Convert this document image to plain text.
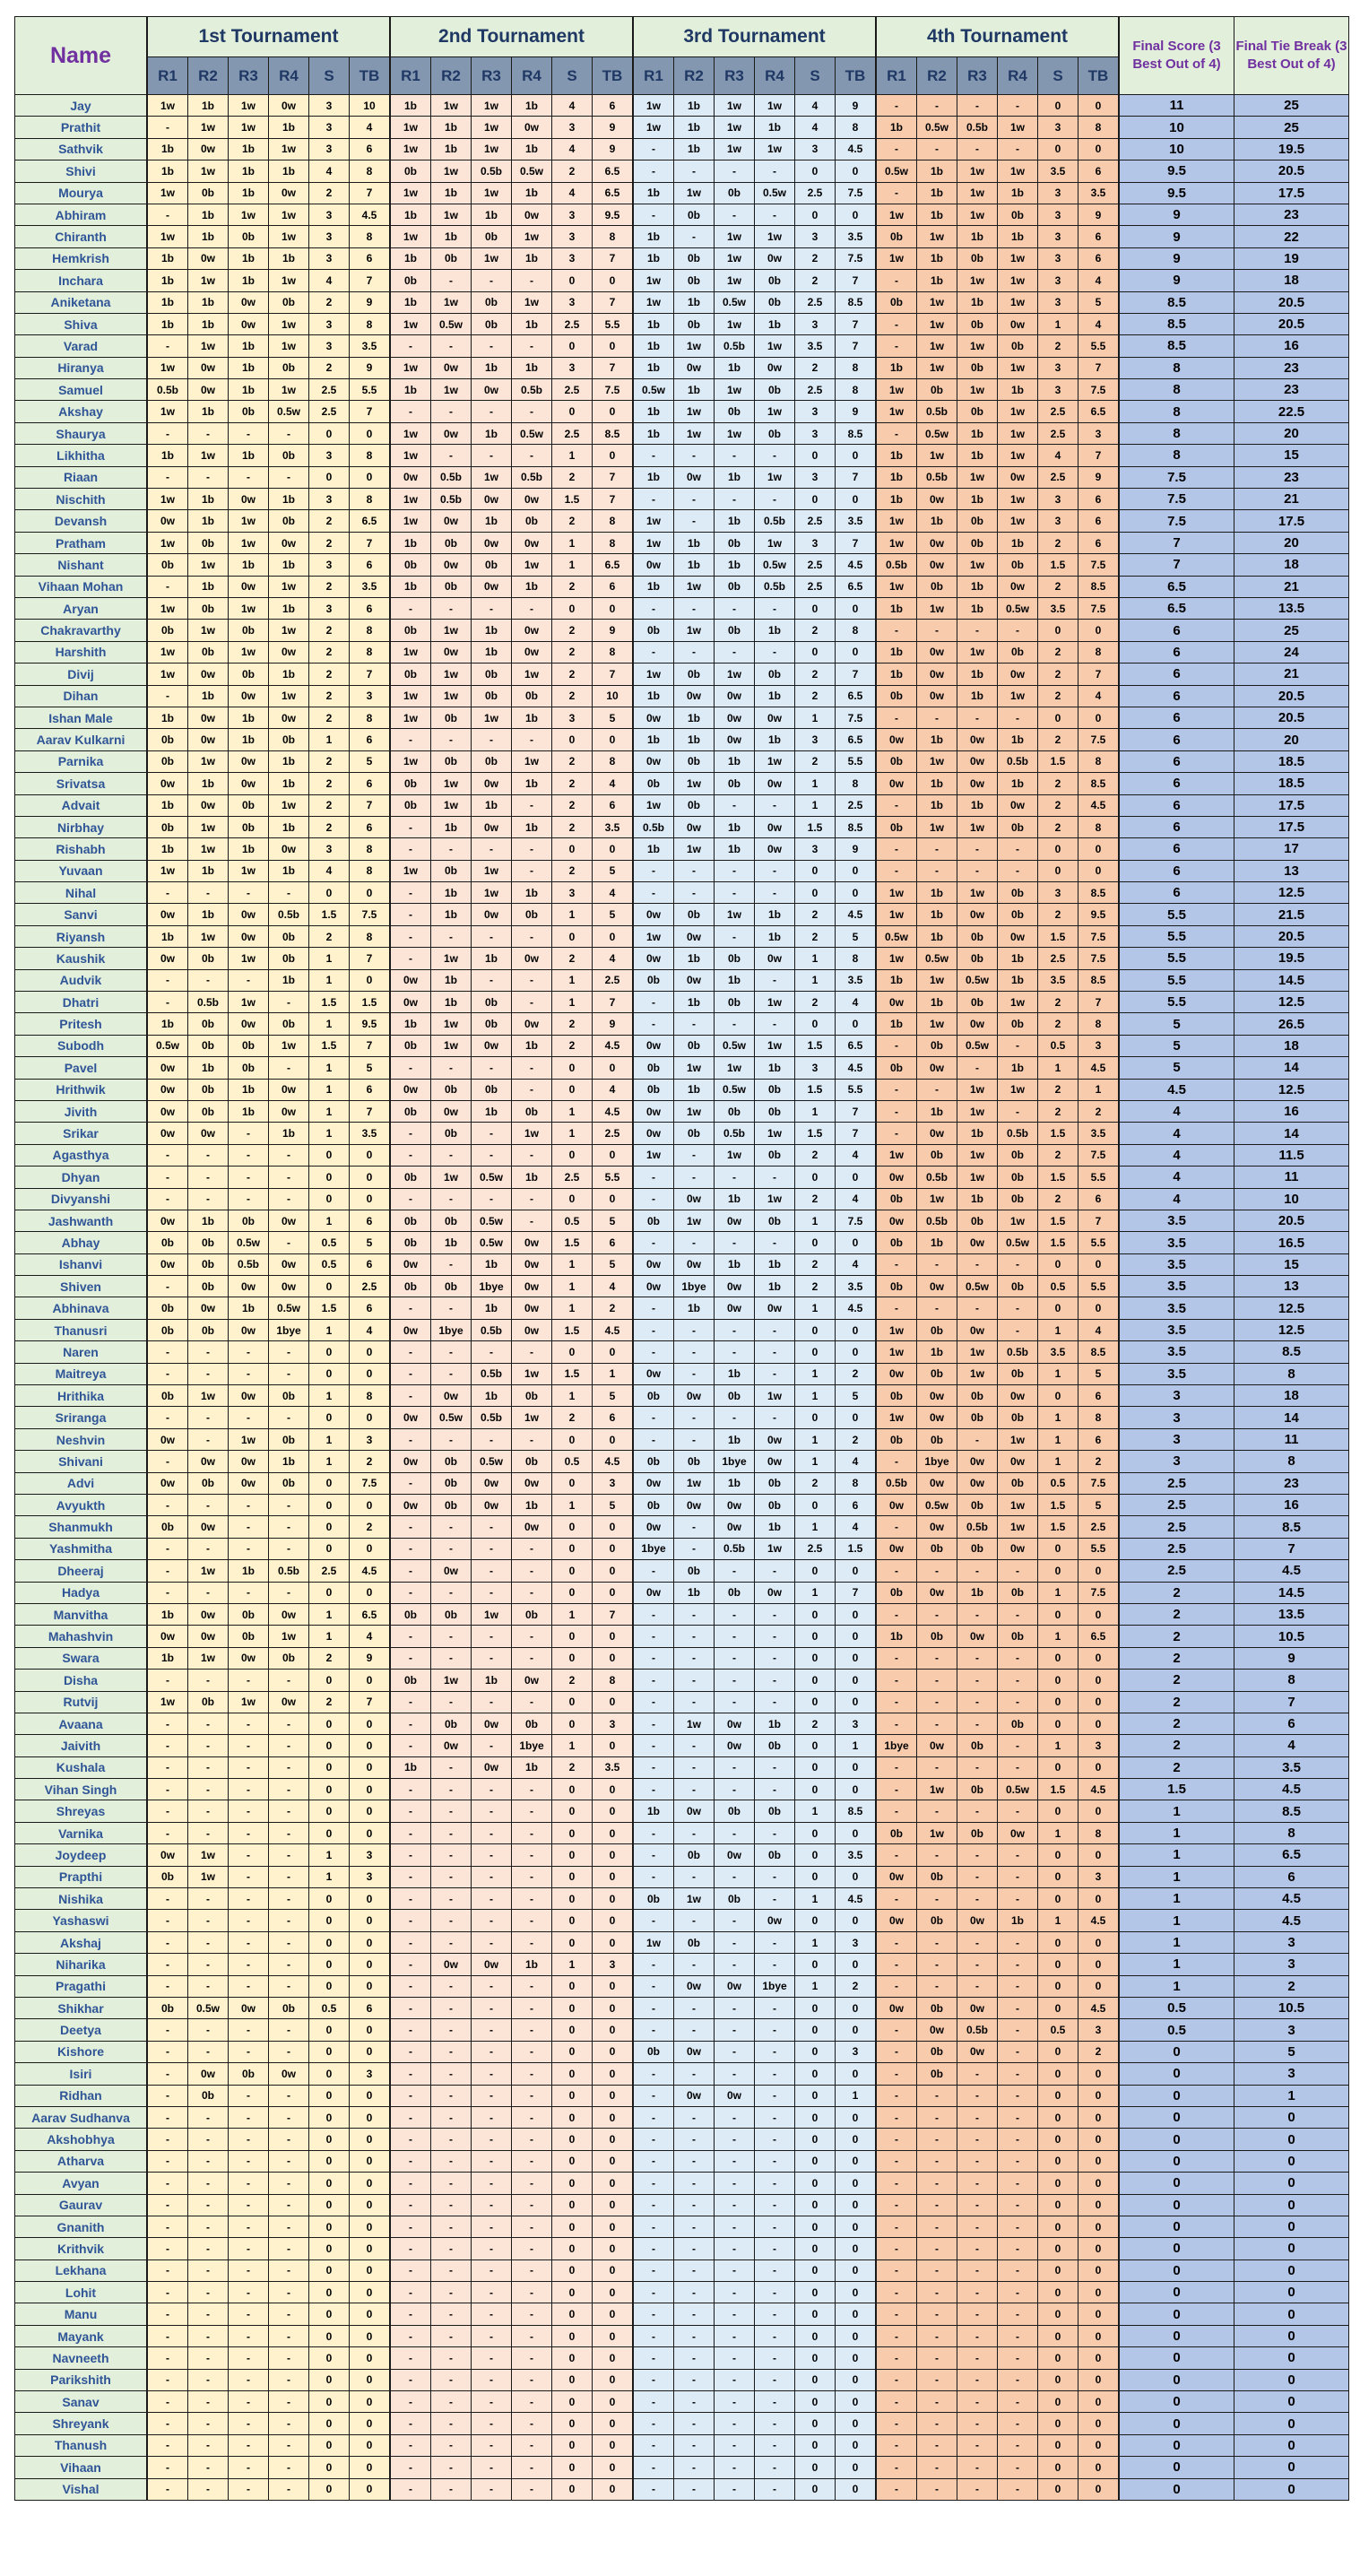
Name	1st Tournament						2nd Tournament						3rd Tournament						4th Tournament						Final Score (3 Best Out of 4)	Final Tie Break (3 Best Out of 4)
	R1	R2	R3	R4	S	TB	R1	R2	R3	R4	S	TB	R1	R2	R3	R4	S	TB	R1	R2	R3	R4	S	TB		
Jay	1w	1b	1w	0w	3	10	1b	1w	1w	1b	4	6	1w	1b	1w	1w	4	9	-	-	-	-	0	0	11	25
Prathit	-	1w	1w	1b	3	4	1w	1b	1w	0w	3	9	1w	1b	1w	1b	4	8	1b	0.5w	0.5b	1w	3	8	10	25
Sathvik	1b	0w	1b	1w	3	6	1w	1b	1w	1b	4	9	-	1b	1w	1w	3	4.5	-	-	-	-	0	0	10	19.5
Shivi	1b	1w	1b	1b	4	8	0b	1w	0.5b	0.5w	2	6.5	-	-	-	-	0	0	0.5w	1b	1w	1w	3.5	6	9.5	20.5
Mourya	1w	0b	1b	0w	2	7	1w	1b	1w	1b	4	6.5	1b	1w	0b	0.5w	2.5	7.5	-	1b	1w	1b	3	3.5	9.5	17.5
Abhiram	-	1b	1w	1w	3	4.5	1b	1w	1b	0w	3	9.5	-	0b	-	-	0	0	1w	1b	1w	0b	3	9	9	23
Chiranth	1w	1b	0b	1w	3	8	1w	1b	0b	1w	3	8	1b	-	1w	1w	3	3.5	0b	1w	1b	1b	3	6	9	22
Hemkrish	1b	0w	1b	1b	3	6	1b	0b	1w	1b	3	7	1b	0b	1w	0w	2	7.5	1w	1b	0b	1w	3	6	9	19
Inchara	1b	1w	1b	1w	4	7	0b	-	-	-	0	0	1w	0b	1w	0b	2	7	-	1b	1w	1w	3	4	9	18
Aniketana	1b	1b	0w	0b	2	9	1b	1w	0b	1w	3	7	1w	1b	0.5w	0b	2.5	8.5	0b	1w	1b	1w	3	5	8.5	20.5
Shiva	1b	1b	0w	1w	3	8	1w	0.5w	0b	1b	2.5	5.5	1b	0b	1w	1b	3	7	-	1w	0b	0w	1	4	8.5	20.5
Varad	-	1w	1b	1w	3	3.5	-	-	-	-	0	0	1b	1w	0.5b	1w	3.5	7	-	1w	1w	0b	2	5.5	8.5	16
Hiranya	1w	0w	1b	0b	2	9	1w	0w	1b	1b	3	7	1b	0w	1b	0w	2	8	1b	1w	0b	1w	3	7	8	23
Samuel	0.5b	0w	1b	1w	2.5	5.5	1b	1w	0w	0.5b	2.5	7.5	0.5w	1b	1w	0b	2.5	8	1w	0b	1w	1b	3	7.5	8	23
Akshay	1w	1b	0b	0.5w	2.5	7	-	-	-	-	0	0	1b	1w	0b	1w	3	9	1w	0.5b	0b	1w	2.5	6.5	8	22.5
Shaurya	-	-	-	-	0	0	1w	0w	1b	0.5w	2.5	8.5	1b	1w	1w	0b	3	8.5	-	0.5w	1b	1w	2.5	3	8	20
Likhitha	1b	1w	1b	0b	3	8	1w	-	-	-	1	0	-	-	-	-	0	0	1b	1w	1b	1w	4	7	8	15
Riaan	-	-	-	-	0	0	0w	0.5b	1w	0.5b	2	7	1b	0w	1b	1w	3	7	1b	0.5b	1w	0w	2.5	9	7.5	23
Nischith	1w	1b	0w	1b	3	8	1w	0.5b	0w	0w	1.5	7	-	-	-	-	0	0	1b	0w	1b	1w	3	6	7.5	21
Devansh	0w	1b	1w	0b	2	6.5	1w	0w	1b	0b	2	8	1w	-	1b	0.5b	2.5	3.5	1w	1b	0b	1w	3	6	7.5	17.5
Pratham	1w	0b	1w	0w	2	7	1b	0b	0w	0w	1	8	1w	1b	0b	1w	3	7	1w	0w	0b	1b	2	6	7	20
Nishant	0b	1w	1b	1b	3	6	0b	0w	0b	1w	1	6.5	0w	1b	1b	0.5w	2.5	4.5	0.5b	0w	1w	0b	1.5	7.5	7	18
Vihaan Mohan	-	1b	0w	1w	2	3.5	1b	0b	0w	1b	2	6	1b	1w	0b	0.5b	2.5	6.5	1w	0b	1b	0w	2	8.5	6.5	21
Aryan	1w	0b	1w	1b	3	6	-	-	-	-	0	0	-	-	-	-	0	0	1b	1w	1b	0.5w	3.5	7.5	6.5	13.5
Chakravarthy	0b	1w	0b	1w	2	8	0b	1w	1b	0w	2	9	0b	1w	0b	1b	2	8	-	-	-	-	0	0	6	25
Harshith	1w	0b	1w	0w	2	8	1w	0w	1b	0w	2	8	-	-	-	-	0	0	1b	0w	1w	0b	2	8	6	24
Divij	1w	0w	0b	1b	2	7	0b	1w	0b	1w	2	7	1w	0b	1w	0b	2	7	1b	0w	1b	0w	2	7	6	21
Dihan	-	1b	0w	1w	2	3	1w	1w	0b	0b	2	10	1b	0w	0w	1b	2	6.5	0b	0w	1b	1w	2	4	6	20.5
Ishan Male	1b	0w	1b	0w	2	8	1w	0b	1w	1b	3	5	0w	1b	0w	0w	1	7.5	-	-	-	-	0	0	6	20.5
Aarav Kulkarni	0b	0w	1b	0b	1	6	-	-	-	-	0	0	1b	1b	0w	1b	3	6.5	0w	1b	0w	1b	2	7.5	6	20
Parnika	0b	1w	0w	1b	2	5	1w	0b	0b	1w	2	8	0w	0b	1b	1w	2	5.5	0b	1w	0w	0.5b	1.5	8	6	18.5
Srivatsa	0w	1b	0w	1b	2	6	0b	1w	0w	1b	2	4	0b	1w	0b	0w	1	8	0w	1b	0w	1b	2	8.5	6	18.5
Advait	1b	0w	0b	1w	2	7	0b	1w	1b	-	2	6	1w	0b	-	-	1	2.5	-	1b	1b	0w	2	4.5	6	17.5
Nirbhay	0b	1w	0b	1b	2	6	-	1b	0w	1b	2	3.5	0.5b	0w	1b	0w	1.5	8.5	0b	1w	1w	0b	2	8	6	17.5
Rishabh	1b	1w	1b	0w	3	8	-	-	-	-	0	0	1b	1w	1b	0w	3	9	-	-	-	-	0	0	6	17
Yuvaan	1w	1b	1w	1b	4	8	1w	0b	1w	-	2	5	-	-	-	-	0	0	-	-	-	-	0	0	6	13
Nihal	-	-	-	-	0	0	-	1b	1w	1b	3	4	-	-	-	-	0	0	1w	1b	1w	0b	3	8.5	6	12.5
Sanvi	0w	1b	0w	0.5b	1.5	7.5	-	1b	0w	0b	1	5	0w	0b	1w	1b	2	4.5	1w	1b	0w	0b	2	9.5	5.5	21.5
Riyansh	1b	1w	0w	0b	2	8	-	-	-	-	0	0	1w	0w	-	1b	2	5	0.5w	1b	0b	0w	1.5	7.5	5.5	20.5
Kaushik	0w	0b	1w	0b	1	7	-	1w	1b	0w	2	4	0w	1b	0b	0w	1	8	1w	0.5w	0b	1b	2.5	7.5	5.5	19.5
Audvik	-	-	-	1b	1	0	0w	1b	-	-	1	2.5	0b	0w	1b	-	1	3.5	1b	1w	0.5w	1b	3.5	8.5	5.5	14.5
Dhatri	-	0.5b	1w	-	1.5	1.5	0w	1b	0b	-	1	7	-	1b	0b	1w	2	4	0w	1b	0b	1w	2	7	5.5	12.5
Pritesh	1b	0b	0w	0b	1	9.5	1b	1w	0b	0w	2	9	-	-	-	-	0	0	1b	1w	0w	0b	2	8	5	26.5
Subodh	0.5w	0b	0b	1w	1.5	7	0b	1w	0w	1b	2	4.5	0w	0b	0.5w	1w	1.5	6.5	-	0b	0.5w	-	0.5	3	5	18
Pavel	0w	1b	0b	-	1	5	-	-	-	-	0	0	0b	1w	1w	1b	3	4.5	0b	0w	-	1b	1	4.5	5	14
Hrithwik	0w	0b	1b	0w	1	6	0w	0b	0b	-	0	4	0b	1b	0.5w	0b	1.5	5.5	-	-	1w	1w	2	1	4.5	12.5
Jivith	0w	0b	1b	0w	1	7	0b	0w	1b	0b	1	4.5	0w	1w	0b	0b	1	7	-	1b	1w	-	2	2	4	16
Srikar	0w	0w	-	1b	1	3.5	-	0b	-	1w	1	2.5	0w	0b	0.5b	1w	1.5	7	-	0w	1b	0.5b	1.5	3.5	4	14
Agasthya	-	-	-	-	0	0	-	-	-	-	0	0	1w	-	1w	0b	2	4	1w	0b	1w	0b	2	7.5	4	11.5
Dhyan	-	-	-	-	0	0	0b	1w	0.5w	1b	2.5	5.5	-	-	-	-	0	0	0w	0.5b	1w	0b	1.5	5.5	4	11
Divyanshi	-	-	-	-	0	0	-	-	-	-	0	0	-	0w	1b	1w	2	4	0b	1w	1b	0b	2	6	4	10
Jashwanth	0w	1b	0b	0w	1	6	0b	0b	0.5w	-	0.5	5	0b	1w	0w	0b	1	7.5	0w	0.5b	0b	1w	1.5	7	3.5	20.5
Abhay	0b	0b	0.5w	-	0.5	5	0b	1b	0.5w	0w	1.5	6	-	-	-	-	0	0	0b	1b	0w	0.5w	1.5	5.5	3.5	16.5
Ishanvi	0w	0b	0.5b	0w	0.5	6	0w	-	1b	0w	1	5	0w	0w	1b	1b	2	4	-	-	-	-	0	0	3.5	15
Shiven	-	0b	0w	0w	0	2.5	0b	0b	1bye	0w	1	4	0w	1bye	0w	1b	2	3.5	0b	0w	0.5w	0b	0.5	5.5	3.5	13
Abhinava	0b	0w	1b	0.5w	1.5	6	-	-	1b	0w	1	2	-	1b	0w	0w	1	4.5	-	-	-	-	0	0	3.5	12.5
Thanusri	0b	0b	0w	1bye	1	4	0w	1bye	0.5b	0w	1.5	4.5	-	-	-	-	0	0	1w	0b	0w	-	1	4	3.5	12.5
Naren	-	-	-	-	0	0	-	-	-	-	0	0	-	-	-	-	0	0	1w	1b	1w	0.5b	3.5	8.5	3.5	8.5
Maitreya	-	-	-	-	0	0	-	-	0.5b	1w	1.5	1	0w	-	1b	-	1	2	0w	0b	1w	0b	1	5	3.5	8
Hrithika	0b	1w	0w	0b	1	8	-	0w	1b	0b	1	5	0b	0w	0b	1w	1	5	0b	0w	0b	0w	0	6	3	18
Sriranga	-	-	-	-	0	0	0w	0.5w	0.5b	1w	2	6	-	-	-	-	0	0	1w	0w	0b	0b	1	8	3	14
Neshvin	0w	-	1w	0b	1	3	-	-	-	-	0	0	-	-	1b	0w	1	2	0b	0b	-	1w	1	6	3	11
Shivani	-	0w	0w	1b	1	2	0w	0b	0.5w	0b	0.5	4.5	0b	0b	1bye	0w	1	4	-	1bye	0w	0w	1	2	3	8
Advi	0w	0b	0w	0b	0	7.5	-	0b	0w	0w	0	3	0w	1w	1b	0b	2	8	0.5b	0w	0w	0b	0.5	7.5	2.5	23
Avyukth	-	-	-	-	0	0	0w	0b	0w	1b	1	5	0b	0w	0w	0b	0	6	0w	0.5w	0b	1w	1.5	5	2.5	16
Shanmukh	0b	0w	-	-	0	2	-	-	-	0w	0	0	0w	-	0w	1b	1	4	-	0w	0.5b	1w	1.5	2.5	2.5	8.5
Yashmitha	-	-	-	-	0	0	-	-	-	-	0	0	1bye	-	0.5b	1w	2.5	1.5	0w	0b	0b	0w	0	5.5	2.5	7
Dheeraj	-	1w	1b	0.5b	2.5	4.5	-	0w	-	-	0	0	-	0b	-	-	0	0	-	-	-	-	0	0	2.5	4.5
Hadya	-	-	-	-	0	0	-	-	-	-	0	0	0w	1b	0b	0w	1	7	0b	0w	1b	0b	1	7.5	2	14.5
Manvitha	1b	0w	0b	0w	1	6.5	0b	0b	1w	0b	1	7	-	-	-	-	0	0	-	-	-	-	0	0	2	13.5
Mahashvin	0w	0w	0b	1w	1	4	-	-	-	-	0	0	-	-	-	-	0	0	1b	0b	0w	0b	1	6.5	2	10.5
Swara	1b	1w	0w	0b	2	9	-	-	-	-	0	0	-	-	-	-	0	0	-	-	-	-	0	0	2	9
Disha	-	-	-	-	0	0	0b	1w	1b	0w	2	8	-	-	-	-	0	0	-	-	-	-	0	0	2	8
Rutvij	1w	0b	1w	0w	2	7	-	-	-	-	0	0	-	-	-	-	0	0	-	-	-	-	0	0	2	7
Avaana	-	-	-	-	0	0	-	0b	0w	0b	0	3	-	1w	0w	1b	2	3	-	-	-	0b	0	0	2	6
Jaivith	-	-	-	-	0	0	-	0w	-	1bye	1	0	-	-	0w	0b	0	1	1bye	0w	0b	-	1	3	2	4
Kushala	-	-	-	-	0	0	1b	-	0w	1b	2	3.5	-	-	-	-	0	0	-	-	-	-	0	0	2	3.5
Vihan Singh	-	-	-	-	0	0	-	-	-	-	0	0	-	-	-	-	0	0	-	1w	0b	0.5w	1.5	4.5	1.5	4.5
Shreyas	-	-	-	-	0	0	-	-	-	-	0	0	1b	0w	0b	0b	1	8.5	-	-	-	-	0	0	1	8.5
Varnika	-	-	-	-	0	0	-	-	-	-	0	0	-	-	-	-	0	0	0b	1w	0b	0w	1	8	1	8
Joydeep	0w	1w	-	-	1	3	-	-	-	-	0	0	-	0b	0w	0b	0	3.5	-	-	-	-	0	0	1	6.5
Prapthi	0b	1w	-	-	1	3	-	-	-	-	0	0	-	-	-	-	0	0	0w	0b	-	-	0	3	1	6
Nishika	-	-	-	-	0	0	-	-	-	-	0	0	0b	1w	0b	-	1	4.5	-	-	-	-	0	0	1	4.5
Yashaswi	-	-	-	-	0	0	-	-	-	-	0	0	-	-	-	0w	0	0	0w	0b	0w	1b	1	4.5	1	4.5
Akshaj	-	-	-	-	0	0	-	-	-	-	0	0	1w	0b	-	-	1	3	-	-	-	-	0	0	1	3
Niharika	-	-	-	-	0	0	-	0w	0w	1b	1	3	-	-	-	-	0	0	-	-	-	-	0	0	1	3
Pragathi	-	-	-	-	0	0	-	-	-	-	0	0	-	0w	0w	1bye	1	2	-	-	-	-	0	0	1	2
Shikhar	0b	0.5w	0w	0b	0.5	6	-	-	-	-	0	0	-	-	-	-	0	0	0w	0b	0w	-	0	4.5	0.5	10.5
Deetya	-	-	-	-	0	0	-	-	-	-	0	0	-	-	-	-	0	0	-	0w	0.5b	-	0.5	3	0.5	3
Kishore	-	-	-	-	0	0	-	-	-	-	0	0	0b	0w	-	-	0	3	-	0b	0w	-	0	2	0	5
Isiri	-	0w	0b	0w	0	3	-	-	-	-	0	0	-	-	-	-	0	0	-	0b	-	-	0	0	0	3
Ridhan	-	0b	-	-	0	0	-	-	-	-	0	0	-	0w	0w	-	0	1	-	-	-	-	0	0	0	1
Aarav Sudhanva	-	-	-	-	0	0	-	-	-	-	0	0	-	-	-	-	0	0	-	-	-	-	0	0	0	0
Akshobhya	-	-	-	-	0	0	-	-	-	-	0	0	-	-	-	-	0	0	-	-	-	-	0	0	0	0
Atharva	-	-	-	-	0	0	-	-	-	-	0	0	-	-	-	-	0	0	-	-	-	-	0	0	0	0
Avyan	-	-	-	-	0	0	-	-	-	-	0	0	-	-	-	-	0	0	-	-	-	-	0	0	0	0
Gaurav	-	-	-	-	0	0	-	-	-	-	0	0	-	-	-	-	0	0	-	-	-	-	0	0	0	0
Gnanith	-	-	-	-	0	0	-	-	-	-	0	0	-	-	-	-	0	0	-	-	-	-	0	0	0	0
Krithvik	-	-	-	-	0	0	-	-	-	-	0	0	-	-	-	-	0	0	-	-	-	-	0	0	0	0
Lekhana	-	-	-	-	0	0	-	-	-	-	0	0	-	-	-	-	0	0	-	-	-	-	0	0	0	0
Lohit	-	-	-	-	0	0	-	-	-	-	0	0	-	-	-	-	0	0	-	-	-	-	0	0	0	0
Manu	-	-	-	-	0	0	-	-	-	-	0	0	-	-	-	-	0	0	-	-	-	-	0	0	0	0
Mayank	-	-	-	-	0	0	-	-	-	-	0	0	-	-	-	-	0	0	-	-	-	-	0	0	0	0
Navneeth	-	-	-	-	0	0	-	-	-	-	0	0	-	-	-	-	0	0	-	-	-	-	0	0	0	0
Parikshith	-	-	-	-	0	0	-	-	-	-	0	0	-	-	-	-	0	0	-	-	-	-	0	0	0	0
Sanav	-	-	-	-	0	0	-	-	-	-	0	0	-	-	-	-	0	0	-	-	-	-	0	0	0	0
Shreyank	-	-	-	-	0	0	-	-	-	-	0	0	-	-	-	-	0	0	-	-	-	-	0	0	0	0
Thanush	-	-	-	-	0	0	-	-	-	-	0	0	-	-	-	-	0	0	-	-	-	-	0	0	0	0
Vihaan	-	-	-	-	0	0	-	-	-	-	0	0	-	-	-	-	0	0	-	-	-	-	0	0	0	0
Vishal	-	-	-	-	0	0	-	-	-	-	0	0	-	-	-	-	0	0	-	-	-	-	0	0	0	0
